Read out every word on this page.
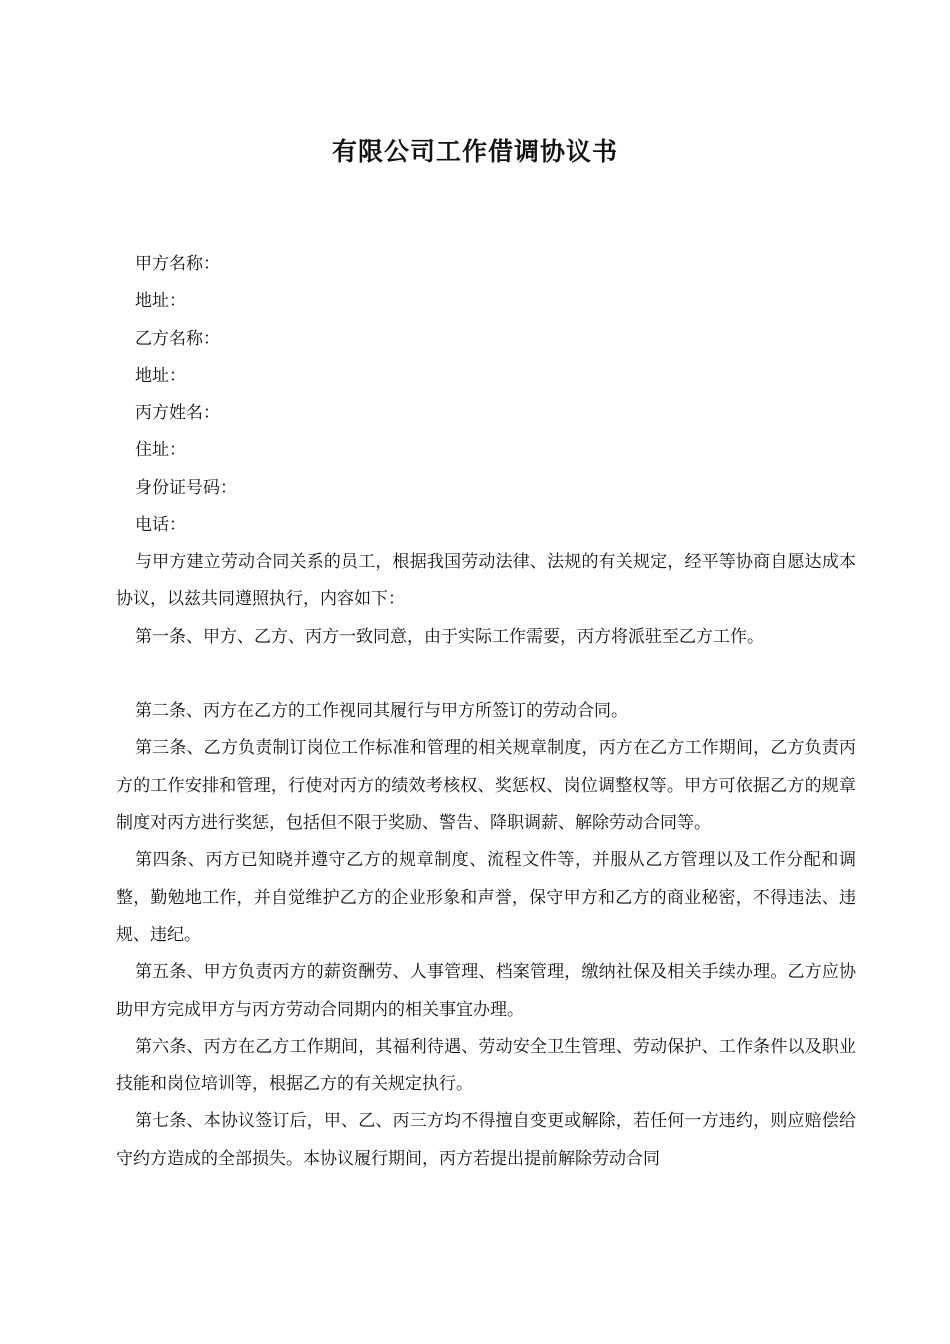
有限公司工作借调协议书
甲方名称：
地址：
乙方名称：
地址：
丙方姓名：
住址：
身份证号码：
电话：

与甲方建立劳动合同关系的员工，根据我国劳动法律、法规的有关规定，经平等协商自愿达成本协议，以兹共同遵照执行，内容如下：

第一条、甲方、乙方、丙方一致同意，由于实际工作需要，丙方将派驻至乙方工作。

第二条、丙方在乙方的工作视同其履行与甲方所签订的劳动合同。

第三条、乙方负责制订岗位工作标准和管理的相关规章制度，丙方在乙方工作期间，乙方负责丙方的工作安排和管理，行使对丙方的绩效考核权、奖惩权、岗位调整权等。甲方可依据乙方的规章制度对丙方进行奖惩，包括但不限于奖励、警告、降职调薪、解除劳动合同等。

第四条、丙方已知晓并遵守乙方的规章制度、流程文件等，并服从乙方管理以及工作分配和调整，勤勉地工作，并自觉维护乙方的企业形象和声誉，保守甲方和乙方的商业秘密，不得违法、违规、违纪。

第五条、甲方负责丙方的薪资酬劳、人事管理、档案管理，缴纳社保及相关手续办理。乙方应协助甲方完成甲方与丙方劳动合同期内的相关事宜办理。

第六条、丙方在乙方工作期间，其福利待遇、劳动安全卫生管理、劳动保护、工作条件以及职业技能和岗位培训等，根据乙方的有关规定执行。

第七条、本协议签订后，甲、乙、丙三方均不得擅自变更或解除，若任何一方违约，则应赔偿给守约方造成的全部损失。本协议履行期间，丙方若提出提前解除劳动合同
